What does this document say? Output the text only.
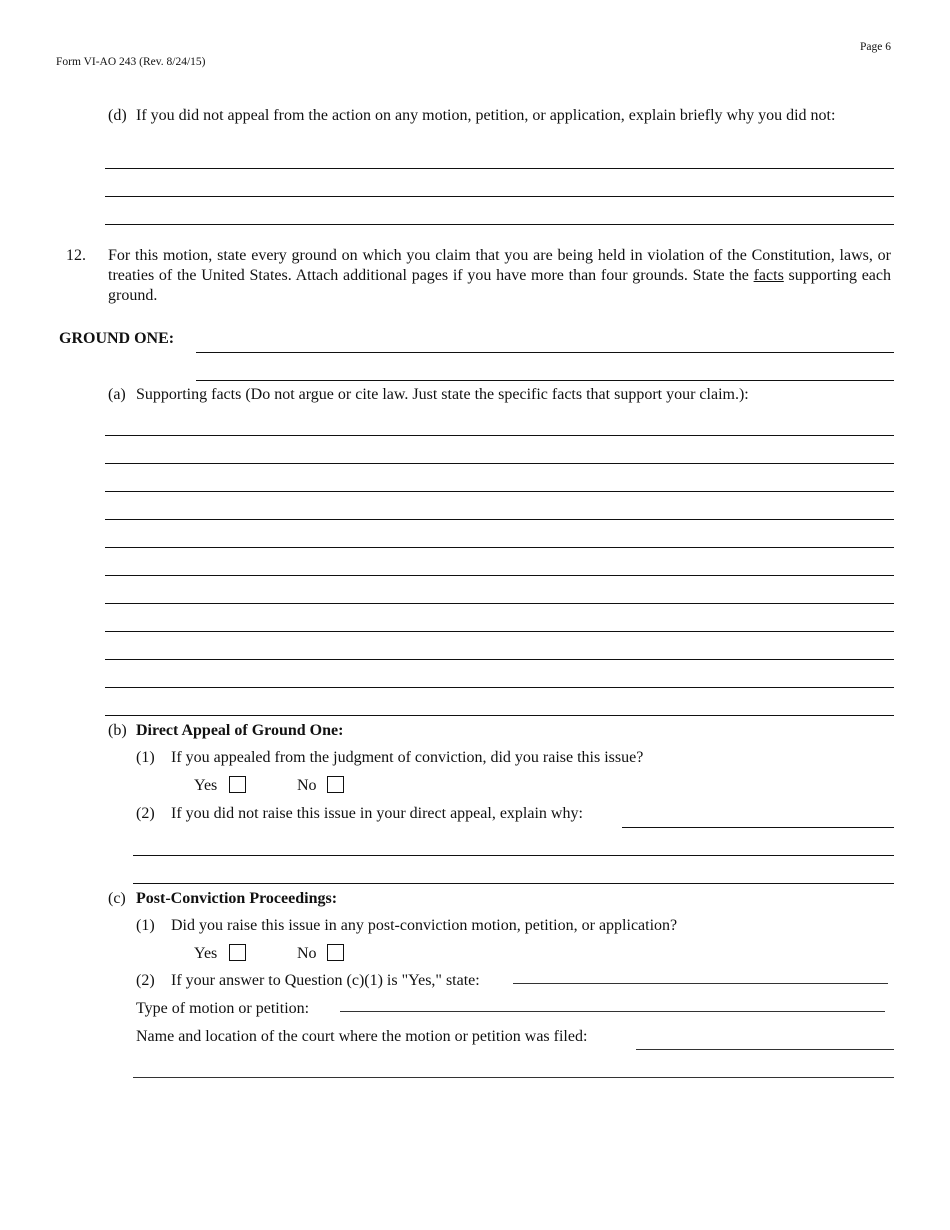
Page 6
Form VI-AO 243 (Rev. 8/24/15)
(d) If you did not appeal from the action on any motion, petition, or application, explain briefly why you did not:
12. For this motion, state every ground on which you claim that you are being held in violation of the Constitution, laws, or treaties of the United States. Attach additional pages if you have more than four grounds. State the facts supporting each ground.
GROUND ONE:
(a) Supporting facts (Do not argue or cite law. Just state the specific facts that support your claim.):
(b) Direct Appeal of Ground One:
(1) If you appealed from the judgment of conviction, did you raise this issue?
Yes	No
(2) If you did not raise this issue in your direct appeal, explain why:
(c) Post-Conviction Proceedings:
(1) Did you raise this issue in any post-conviction motion, petition, or application?
Yes	No
(2) If your answer to Question (c)(1) is "Yes," state:
Type of motion or petition:
Name and location of the court where the motion or petition was filed:
